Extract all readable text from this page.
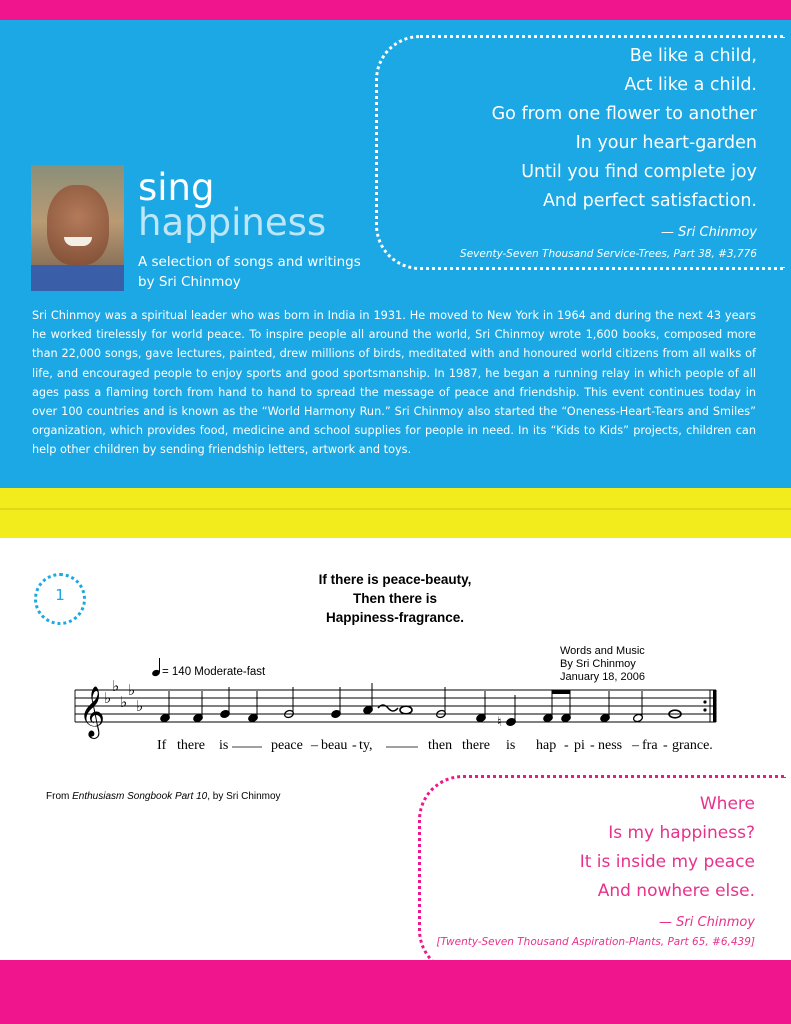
Be like a child,
Act like a child.
Go from one flower to another
In your heart-garden
Until you find complete joy
And perfect satisfaction.
— Sri Chinmoy
Seventy-Seven Thousand Service-Trees, Part 38, #3,776
sing
happiness
A selection of songs and writings by Sri Chinmoy

Sri Chinmoy was a spiritual leader who was born in India in 1931. He moved to New York in 1964 and during the next 43 years he worked tirelessly for world peace. To inspire people all around the world, Sri Chinmoy wrote 1,600 books, composed more than 22,000 songs, gave lectures, painted, drew millions of birds, meditated with and honoured world citizens from all walks of life, and encouraged people to enjoy sports and good sportsmanship. In 1987, he began a running relay in which people of all ages pass a flaming torch from hand to hand to spread the message of peace and friendship. This event continues today in over 100 countries and is known as the “World Harmony Run.” Sri Chinmoy also started the “Oneness-Heart-Tears and Smiles” organization, which provides food, medicine and school supplies for people in need. In its “Kids to Kids” projects, children can help other children by sending friendship letters, artwork and toys.

1
If there is peace-beauty,
Then there is
Happiness-fragrance.
Words and Music
By Sri Chinmoy
January 18, 2006
= 140 Moderate-fast
𝄞
♭
♭
♭
♭
♭
♮
If there is	peace – beau - ty,	then there is hap - pi - ness – fra - grance.
From Enthusiasm Songbook Part 10, by Sri Chinmoy	Where
Is my happiness?
It is inside my peace
And nowhere else.
— Sri Chinmoy
[Twenty-Seven Thousand Aspiration-Plants, Part 65, #6,439]
